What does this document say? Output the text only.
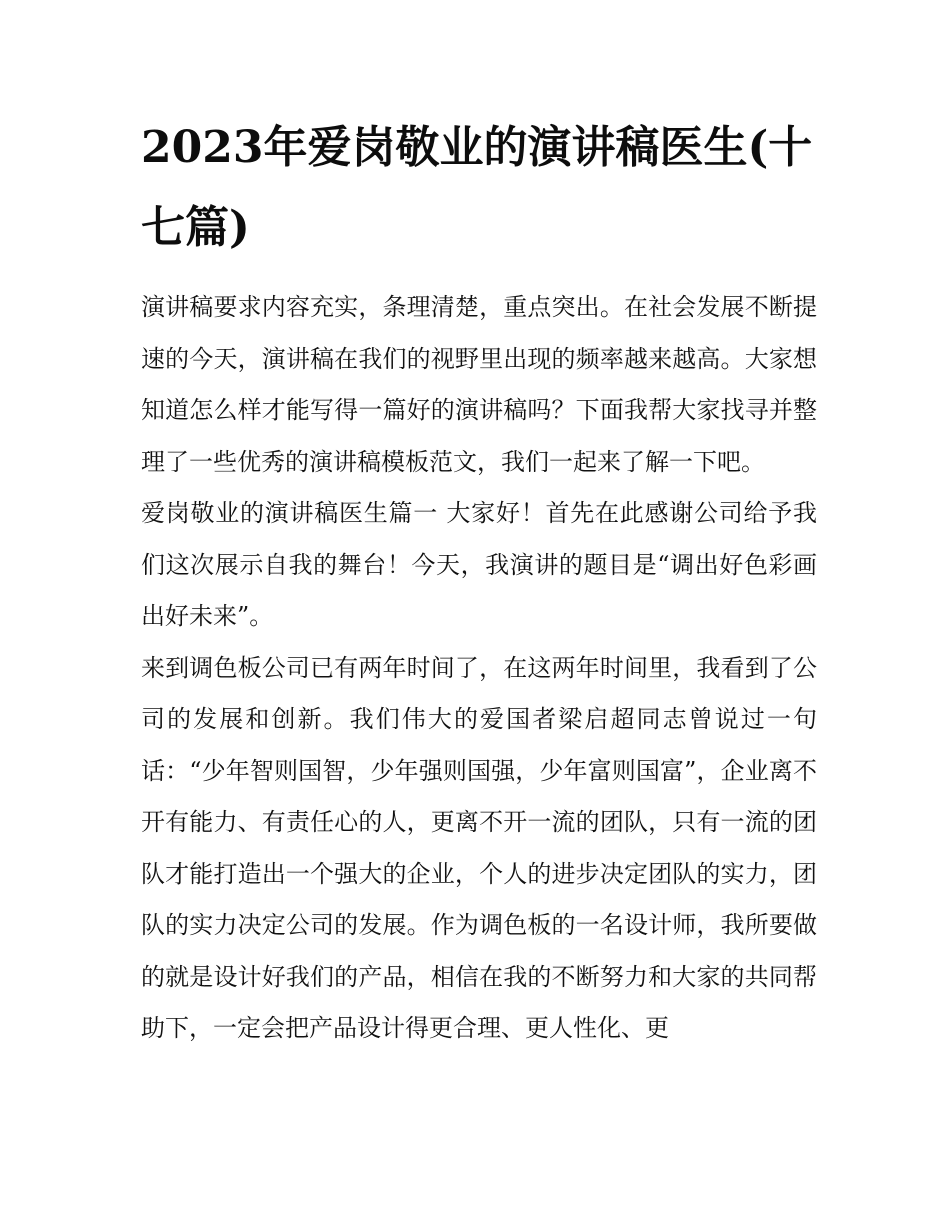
2023年爱岗敬业的演讲稿医生(十七篇)

演讲稿要求内容充实，条理清楚，重点突出。在社会发展不断提速的今天，演讲稿在我们的视野里出现的频率越来越高。大家想知道怎么样才能写得一篇好的演讲稿吗？下面我帮大家找寻并整理了一些优秀的演讲稿模板范文，我们一起来了解一下吧。

爱岗敬业的演讲稿医生篇一 大家好！首先在此感谢公司给予我们这次展示自我的舞台！今天，我演讲的题目是“调出好色彩画出好未来”。

来到调色板公司已有两年时间了，在这两年时间里，我看到了公司的发展和创新。我们伟大的爱国者梁启超同志曾说过一句话：“少年智则国智，少年强则国强，少年富则国富”，企业离不开有能力、有责任心的人，更离不开一流的团队，只有一流的团队才能打造出一个强大的企业，个人的进步决定团队的实力，团队的实力决定公司的发展。作为调色板的一名设计师，我所要做的就是设计好我们的产品，相信在我的不断努力和大家的共同帮助下，一定会把产品设计得更合理、更人性化、更
